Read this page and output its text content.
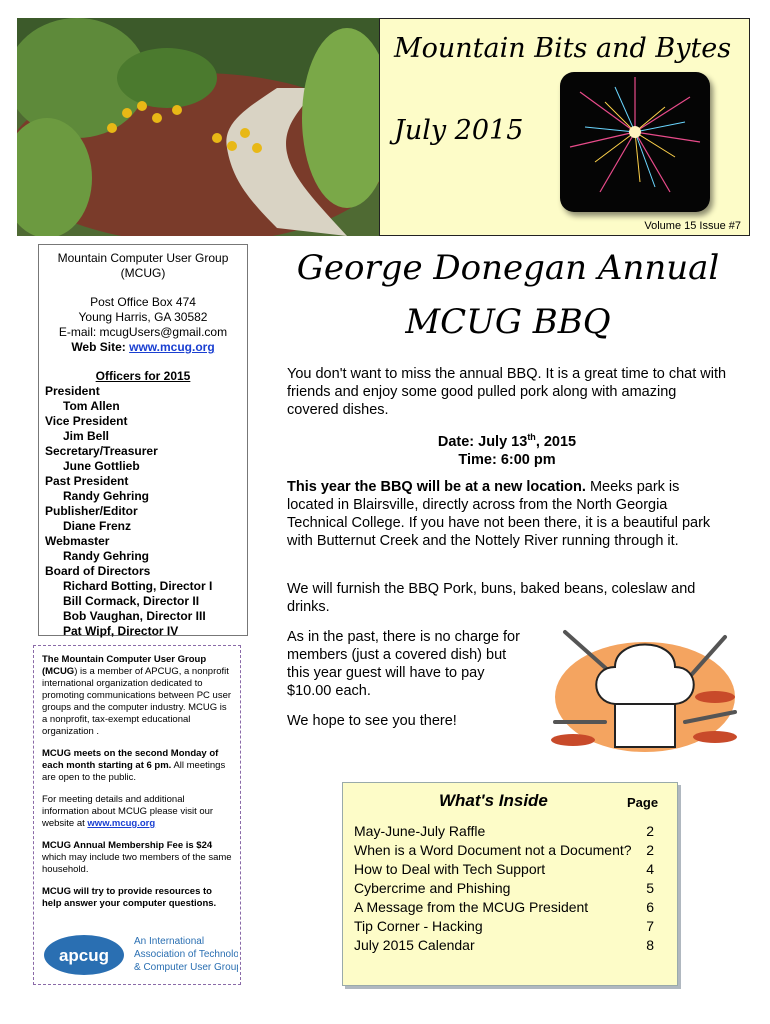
Mountain Bits and Bytes
July 2015
Volume 15 Issue #7
Mountain Computer User Group
(MCUG)
Post Office Box 474
Young Harris, GA 30582
E-mail: mcugUsers@gmail.com
Web Site: www.mcug.org
Officers for 2015
President
Tom Allen
Vice President
Jim Bell
Secretary/Treasurer
June Gottlieb
Past President
Randy Gehring
Publisher/Editor
Diane Frenz
Webmaster
Randy Gehring
Board of Directors
Richard Botting, Director I
Bill Cormack, Director II
Bob Vaughan, Director III
Pat Wipf, Director IV

The Mountain Computer User Group (MCUG) is a member of APCUG, a nonprofit international organization dedicated to promoting communications between PC user groups and the computer industry. MCUG is a nonprofit, tax-exempt educational organization .

MCUG meets on the second Monday of each month starting at 6 pm. All meetings are open to the public.

For meeting details and additional information about MCUG please visit our website at www.mcug.org

MCUG Annual Membership Fee is $24 which may include two members of the same household.

MCUG will try to provide resources to help answer your computer questions.

apcug
An International
Association of Technology
& Computer User Groups
George Donegan Annual
MCUG BBQ
You don't want to miss the annual BBQ. It is a great time to chat with friends and enjoy some good pulled pork along with amazing covered dishes.
Date: July 13th, 2015
Time: 6:00 pm
This year the BBQ will be at a new location. Meeks park is located in Blairsville, directly across from the North Georgia Technical College. If you have not been there, it is a beautiful park with Butternut Creek and the Nottely River running through it.
We will furnish the BBQ Pork, buns, baked beans, coleslaw and drinks.
As in the past, there is no charge for members (just a covered dish) but this year guest will have to pay $10.00 each.
We hope to see you there!
What's Inside	Page
May-June-July Raffle	2
When is a Word Document not a Document? 2
How to Deal with Tech Support	4
Cybercrime and Phishing	5
A Message from the MCUG President	6
Tip Corner - Hacking	7
July 2015 Calendar	8
